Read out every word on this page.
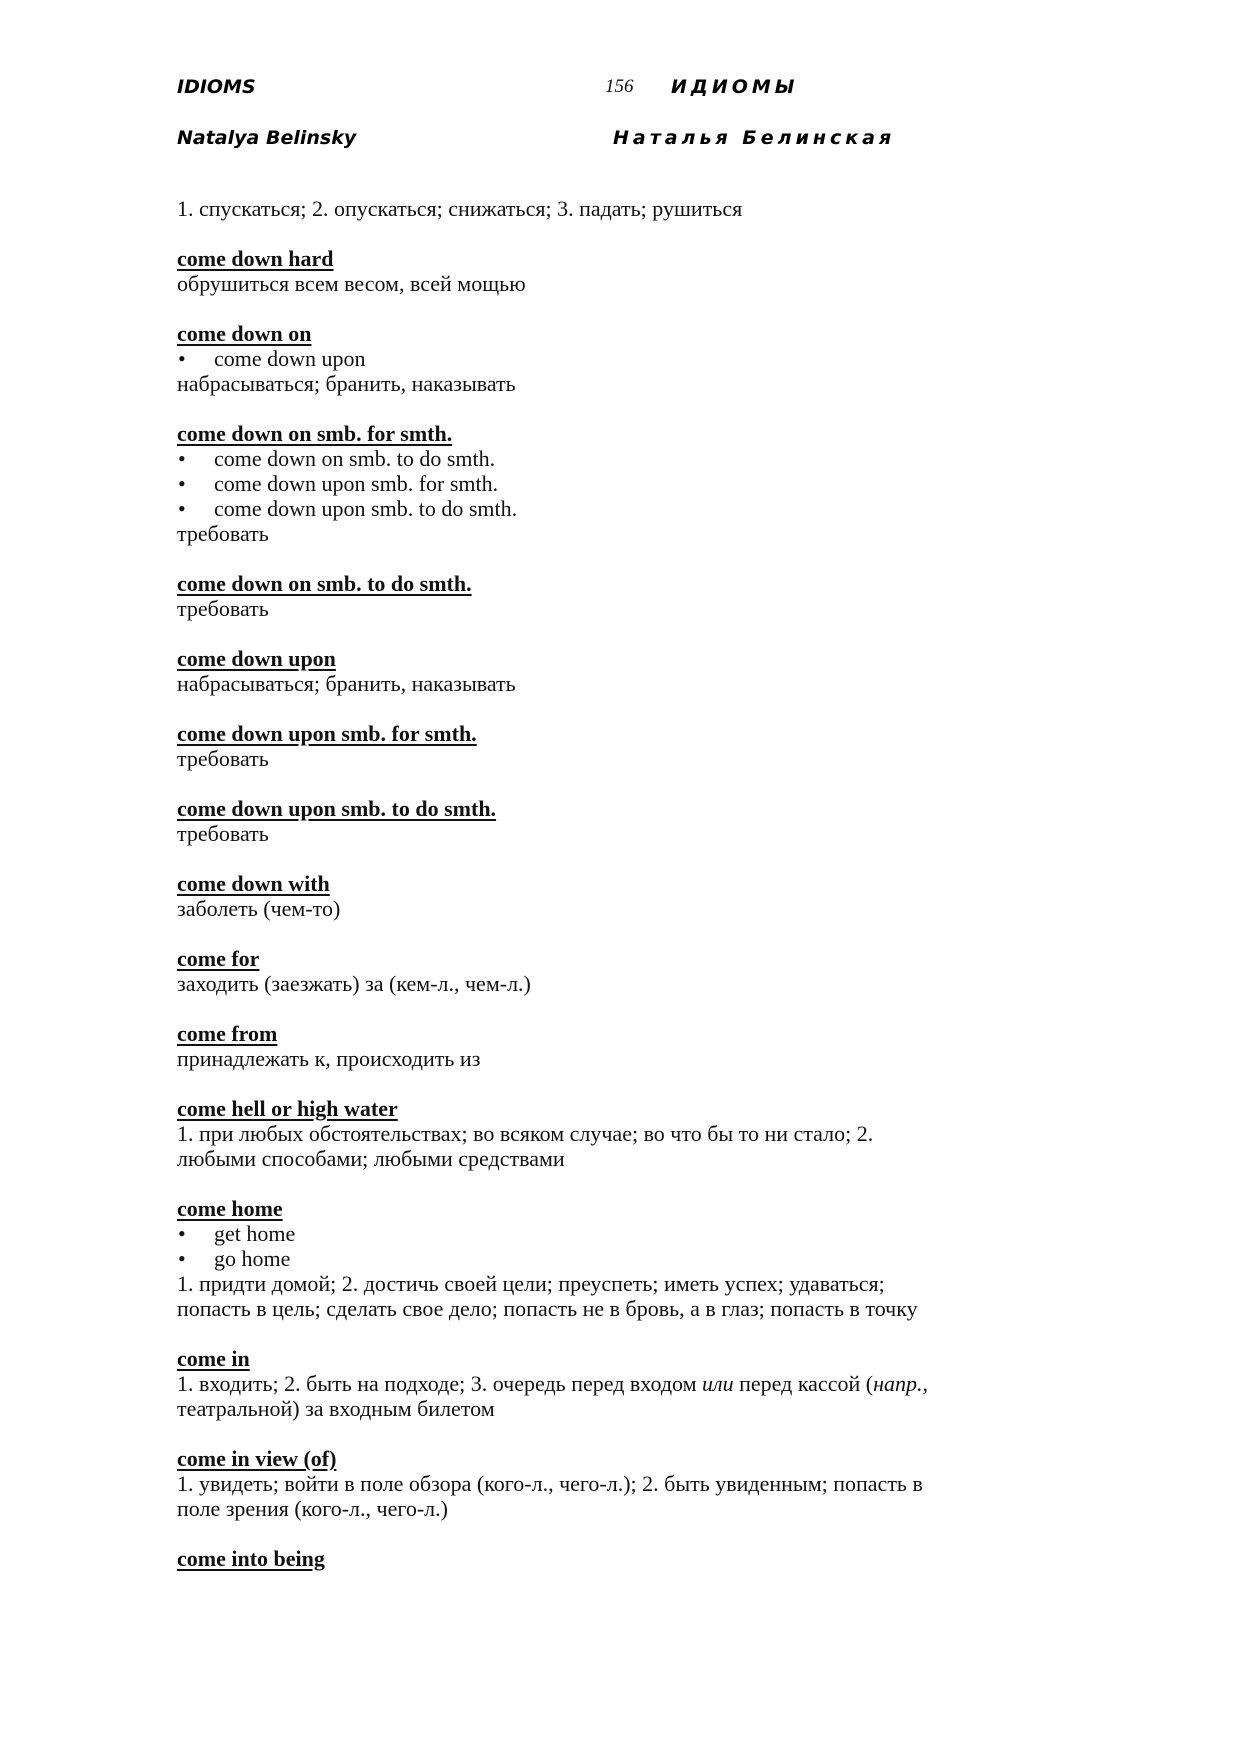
IDIOMS	156 ИДИОМЫ
Natalya Belinsky	Наталья Белинская
1. спускаться; 2. опускаться; снижаться; 3. падать; рушиться
come down hard
обрушиться всем весом, всей мощью
come down on
• come down upon
набрасываться; бранить, наказывать
come down on smb. for smth.
• come down on smb. to do smth.
• come down upon smb. for smth.
• come down upon smb. to do smth.
требовать
come down on smb. to do smth.
требовать
come down upon
набрасываться; бранить, наказывать
come down upon smb. for smth.
требовать
come down upon smb. to do smth.
требовать
come down with
заболеть (чем-то)
come for
заходить (заезжать) за (кем-л., чем-л.)
come from
принадлежать к, происходить из
come hell or high water
1. при любых обстоятельствах; во всяком случае; во что бы то ни стало; 2.
любыми способами; любыми средствами
come home
• get home
• go home
1. придти домой; 2. достичь своей цели; преуспеть; иметь успех; удаваться;
попасть в цель; сделать свое дело; попасть не в бровь, а в глаз; попасть в точку
come in
1. входить; 2. быть на подходе; 3. очередь перед входом или перед кассой (напр.,
театральной) за входным билетом
come in view (of)
1. увидеть; войти в поле обзора (кого-л., чего-л.); 2. быть увиденным; попасть в
поле зрения (кого-л., чего-л.)
come into being
